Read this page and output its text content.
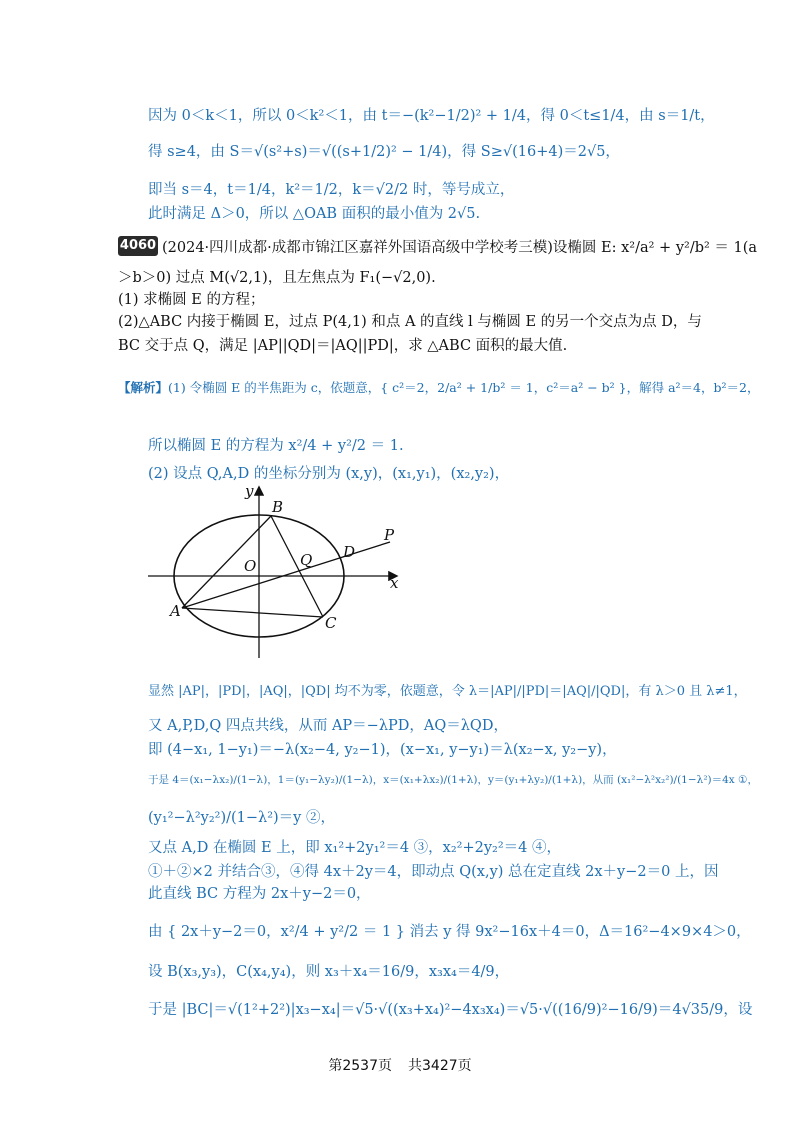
因为 0＜k＜1，所以 0＜k²＜1，由 t＝−(k²−1/2)² + 1/4，得 0＜t≤1/4，由 s＝1/t，
得 s≥4，由 S＝√(s²+s)＝√((s+1/2)² − 1/4)，得 S≥√(16+4)＝2√5，
即当 s＝4，t＝1/4，k²＝1/2，k＝√2/2 时，等号成立，
此时满足 Δ＞0，所以 △OAB 面积的最小值为 2√5.
4060 (2024·四川成都·成都市锦江区嘉祥外国语高级中学校考三模)设椭圆 E: x²/a² + y²/b² ＝ 1(a
＞b＞0) 过点 M(√2,1)，且左焦点为 F₁(−√2,0).
(1) 求椭圆 E 的方程；
(2)△ABC 内接于椭圆 E，过点 P(4,1) 和点 A 的直线 l 与椭圆 E 的另一个交点为点 D，与
BC 交于点 Q，满足 |AP||QD|＝|AQ||PD|，求 △ABC 面积的最大值.
【解析】(1) 令椭圆 E 的半焦距为 c，依题意，{ c²＝2，2/a² + 1/b² ＝ 1，c²＝a² − b² }，解得 a²＝4，b²＝2，
所以椭圆 E 的方程为 x²/4 + y²/2 ＝ 1.
(2) 设点 Q,A,D 的坐标分别为 (x,y)，(x₁,y₁)，(x₂,y₂)，
y
x
O
A
B
C
D
P
Q
显然 |AP|，|PD|，|AQ|，|QD| 均不为零，依题意，令 λ＝|AP|/|PD|＝|AQ|/|QD|，有 λ＞0 且 λ≠1，
又 A,P,D,Q 四点共线，从而 AP＝−λPD，AQ＝λQD，
即 (4−x₁, 1−y₁)＝−λ(x₂−4, y₂−1)，(x−x₁, y−y₁)＝λ(x₂−x, y₂−y)，
于是 4＝(x₁−λx₂)/(1−λ)，1＝(y₁−λy₂)/(1−λ)，x＝(x₁+λx₂)/(1+λ)，y＝(y₁+λy₂)/(1+λ)，从而 (x₁²−λ²x₂²)/(1−λ²)＝4x ①，
(y₁²−λ²y₂²)/(1−λ²)＝y ②，
又点 A,D 在椭圆 E 上，即 x₁²+2y₁²＝4 ③，x₂²+2y₂²＝4 ④，
①＋②×2 并结合③，④得 4x＋2y＝4，即动点 Q(x,y) 总在定直线 2x＋y−2＝0 上，因
此直线 BC 方程为 2x＋y−2＝0，
由 { 2x＋y−2＝0，x²/4 + y²/2 ＝ 1 } 消去 y 得 9x²−16x＋4＝0，Δ＝16²−4×9×4＞0，
设 B(x₃,y₃)，C(x₄,y₄)，则 x₃＋x₄＝16/9，x₃x₄＝4/9，
于是 |BC|＝√(1²+2²)|x₃−x₄|＝√5·√((x₃+x₄)²−4x₃x₄)＝√5·√((16/9)²−16/9)＝4√35/9，设
第2537页 共3427页
